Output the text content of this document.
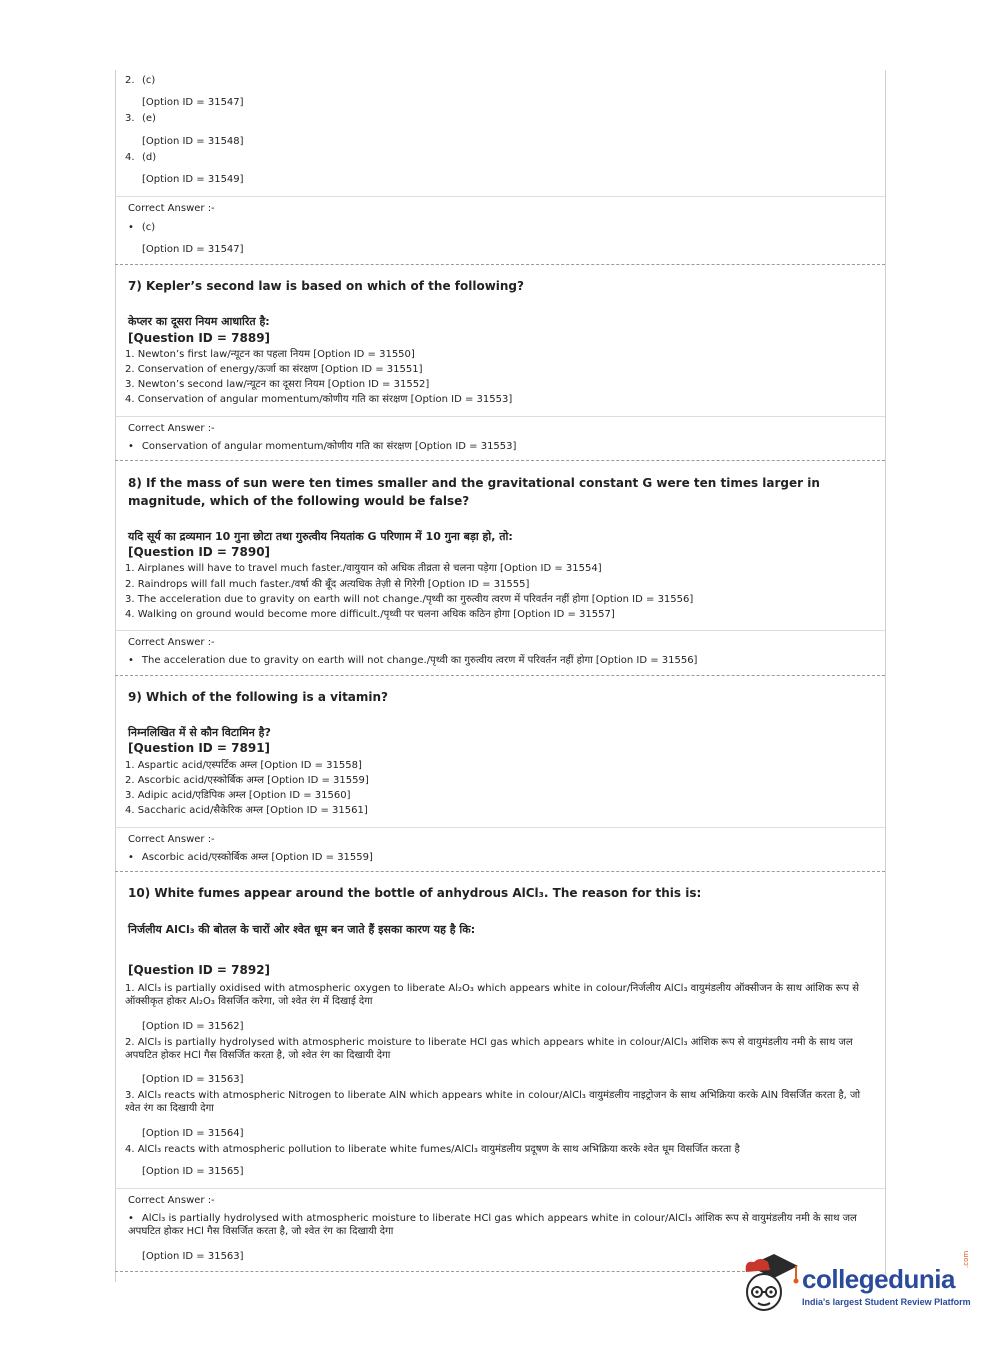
2. (c)
[Option ID = 31547]
3. (e)
[Option ID = 31548]
4. (d)
[Option ID = 31549]
Correct Answer :-
• (c)
[Option ID = 31547]
7) Kepler’s second law is based on which of the following?
केप्लर का दूसरा नियम आधारित है:
[Question ID = 7889]
1. Newton’s first law/न्यूटन का पहला नियम [Option ID = 31550]
2. Conservation of energy/ऊर्जा का संरक्षण [Option ID = 31551]
3. Newton’s second law/न्यूटन का दूसरा नियम [Option ID = 31552]
4. Conservation of angular momentum/कोणीय गति का संरक्षण [Option ID = 31553]
Correct Answer :-
• Conservation of angular momentum/कोणीय गति का संरक्षण [Option ID = 31553]
8) If the mass of sun were ten times smaller and the gravitational constant G were ten times larger in magnitude, which of the following would be false?
यदि सूर्य का द्रव्यमान 10 गुना छोटा तथा गुरुत्वीय नियतांक G परिणाम में 10 गुना बड़ा हो, तो:
[Question ID = 7890]
1. Airplanes will have to travel much faster./वायुयान को अधिक तीव्रता से चलना पड़ेगा [Option ID = 31554]
2. Raindrops will fall much faster./वर्षा की बूँद अत्यधिक तेज़ी से गिरेगी [Option ID = 31555]
3. The acceleration due to gravity on earth will not change./पृथ्वी का गुरुत्वीय त्वरण में परिवर्तन नहीं होगा [Option ID = 31556]
4. Walking on ground would become more difficult./पृथ्वी पर चलना अधिक कठिन होगा [Option ID = 31557]
Correct Answer :-
• The acceleration due to gravity on earth will not change./पृथ्वी का गुरुत्वीय त्वरण में परिवर्तन नहीं होगा [Option ID = 31556]
9) Which of the following is a vitamin?
निम्नलिखित में से कौन विटामिन है?
[Question ID = 7891]
1. Aspartic acid/एस्पर्टिक अम्ल [Option ID = 31558]
2. Ascorbic acid/एस्कोर्बिक अम्ल [Option ID = 31559]
3. Adipic acid/एडिपिक अम्ल [Option ID = 31560]
4. Saccharic acid/सैकेरिक अम्ल [Option ID = 31561]
Correct Answer :-
• Ascorbic acid/एस्कोर्बिक अम्ल [Option ID = 31559]
10) White fumes appear around the bottle of anhydrous AlCl₃. The reason for this is:
निर्जलीय AlCl₃ की बोतल के चारों ओर श्वेत धूम बन जाते हैं इसका कारण यह है कि:
[Question ID = 7892]
1. AlCl₃ is partially oxidised with atmospheric oxygen to liberate Al₂O₃ which appears white in colour/निर्जलीय AlCl₃ वायुमंडलीय ऑक्सीजन के साथ आंशिक रूप से ऑक्सीकृत होकर Al₂O₃ विसर्जित करेगा, जो श्वेत रंग में दिखाई देगा
[Option ID = 31562]
2. AlCl₃ is partially hydrolysed with atmospheric moisture to liberate HCl gas which appears white in colour/AlCl₃ आंशिक रूप से वायुमंडलीय नमी के साथ जल अपघटित होकर HCl गैस विसर्जित करता है, जो श्वेत रंग का दिखायी देगा
[Option ID = 31563]
3. AlCl₃ reacts with atmospheric Nitrogen to liberate AlN which appears white in colour/AlCl₃ वायुमंडलीय नाइट्रोजन के साथ अभिक्रिया करके AlN विसर्जित करता है, जो श्वेत रंग का दिखायी देगा
[Option ID = 31564]
4. AlCl₃ reacts with atmospheric pollution to liberate white fumes/AlCl₃ वायुमंडलीय प्रदूषण के साथ अभिक्रिया करके श्वेत धूम विसर्जित करता है
[Option ID = 31565]
Correct Answer :-
• AlCl₃ is partially hydrolysed with atmospheric moisture to liberate HCl gas which appears white in colour/AlCl₃ आंशिक रूप से वायुमंडलीय नमी के साथ जल अपघटित होकर HCl गैस विसर्जित करता है, जो श्वेत रंग का दिखायी देगा
[Option ID = 31563]
collegedunia
.com
India's largest Student Review Platform
